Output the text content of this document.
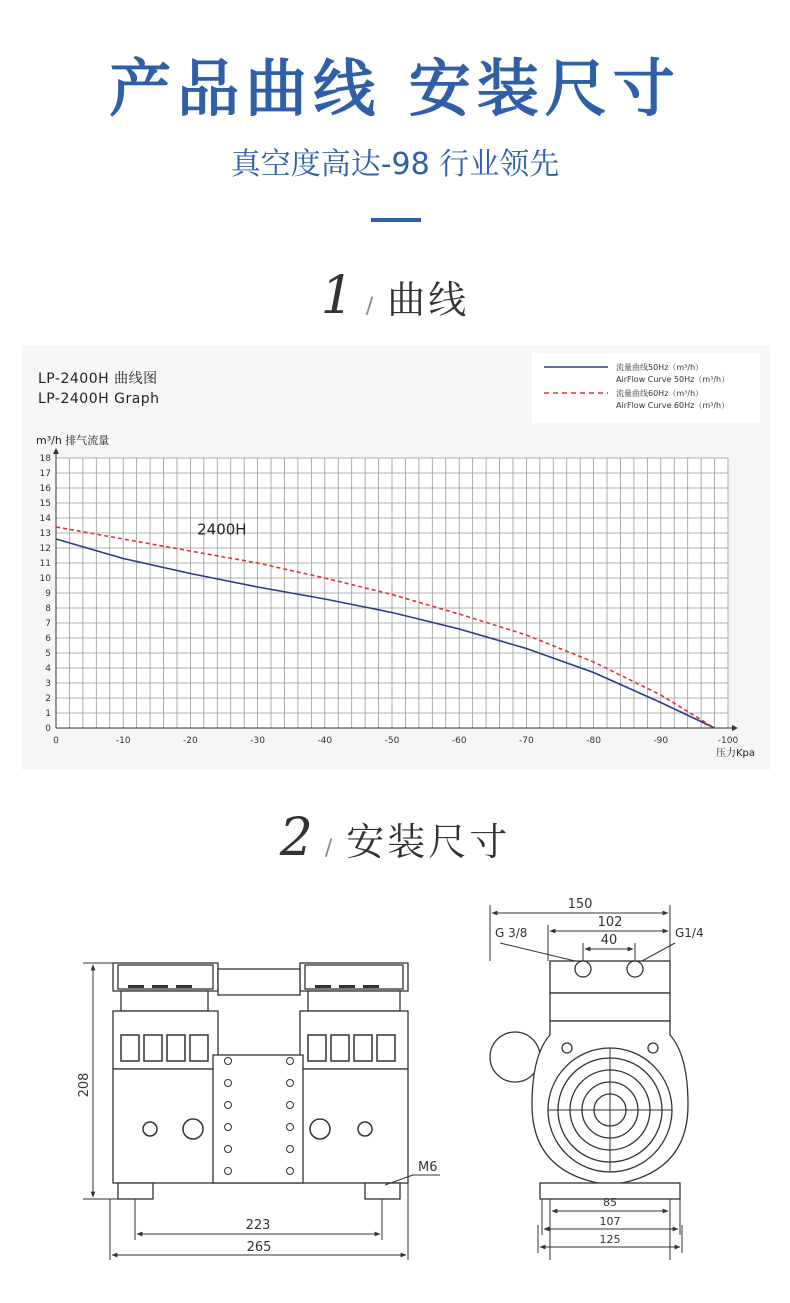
产品曲线 安装尺寸
真空度高达-98 行业领先
1 / 曲线
LP-2400H 曲线图
LP-2400H Graph
m³/h 排气流量
压力Kpa
流量曲线50Hz（m³/h）
AirFlow Curve 50Hz（m³/h）
流量曲线60Hz（m³/h）
AirFlow Curve 60Hz（m³/h）
0
1
2
3
4
5
6
7
8
9
10
11
12
13
14
15
16
17
18
0	-10	-20	-30	-40	-50	-60	-70	-80	-90	-100
2400H
2 / 安装尺寸
208
223
265
M6
150
102
40
G 3/8	G1/4
85
107
125
